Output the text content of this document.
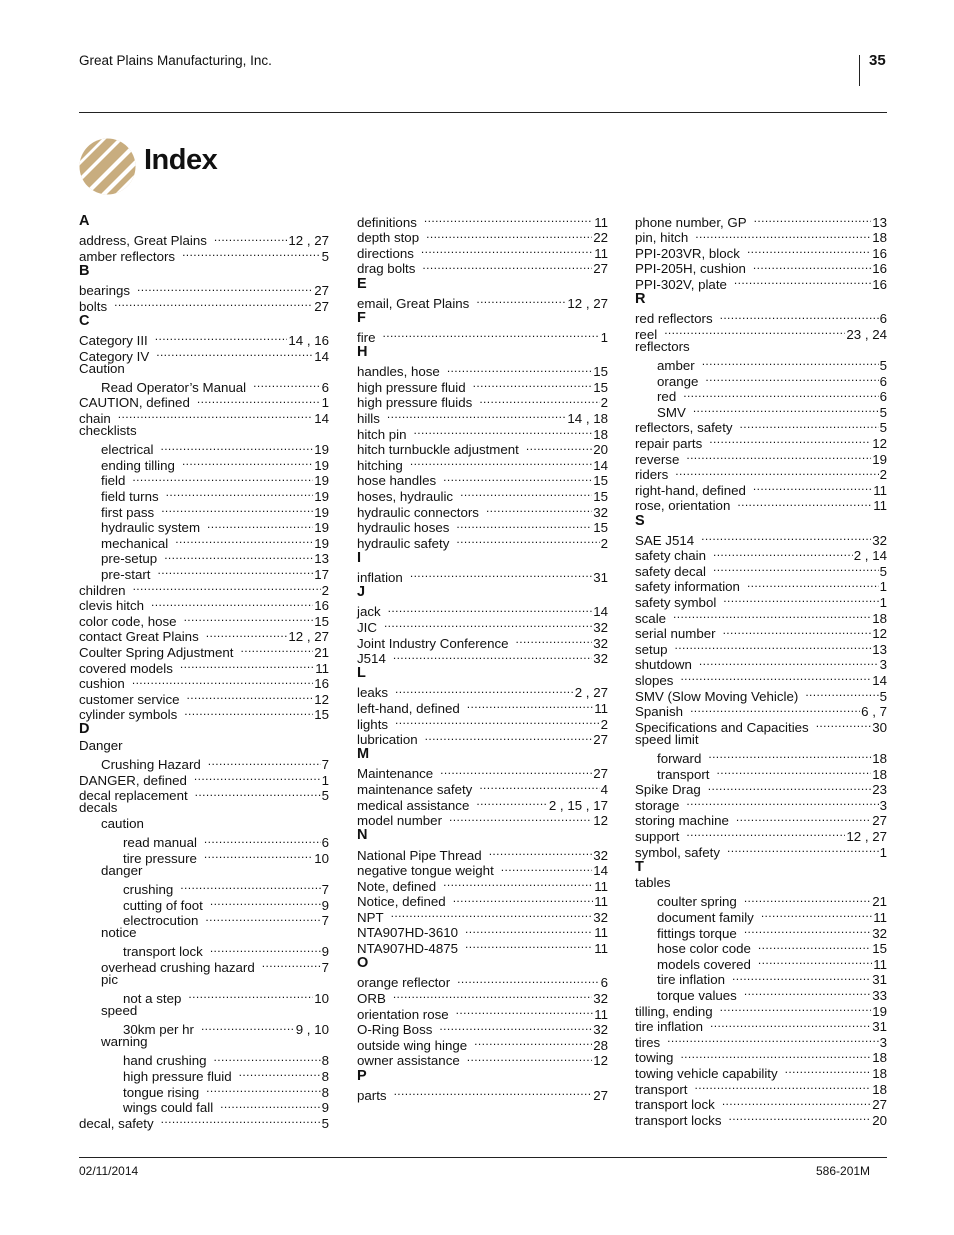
Great Plains Manufacturing, Inc.	35
Index
A
address, Great Plains .....	12 , 27
amber reflectors .....	5
B
bearings .....	27
bolts .....	27
C
Category III .....	14 , 16
Category IV .....	14
Caution
Read Operator’s Manual .....	6
CAUTION, defined .....	1
chain .....	14
checklists
electrical .....	19
ending tilling .....	19
field .....	19
field turns .....	19
first pass .....	19
hydraulic system .....	19
mechanical .....	19
pre-setup .....	13
pre-start .....	17
children .....	2
clevis hitch .....	16
color code, hose .....	15
contact Great Plains .....	12 , 27
Coulter Spring Adjustment .....	21
covered models .....	11
cushion .....	16
customer service .....	12
cylinder symbols .....	15
D
Danger
Crushing Hazard .....	7
DANGER, defined .....	1
decal replacement .....	5
decals
caution
read manual .....	6
tire pressure .....	10
danger
crushing .....	7
cutting of foot .....	9
electrocution .....	7
notice
transport lock .....	9
overhead crushing hazard .....	7
pic
not a step .....	10
speed
30km per hr .....	9 , 10
warning
hand crushing .....	8
high pressure fluid .....	8
tongue rising .....	8
wings could fall .....	9
decal, safety .....	5
definitions .....	11
depth stop .....	22
directions .....	11
drag bolts .....	27
E
email, Great Plains .....	12 , 27
F
fire .....	1
H
handles, hose .....	15
high pressure fluid .....	15
high pressure fluids .....	2
hills .....	14 , 18
hitch pin .....	18
hitch turnbuckle adjustment .....	20
hitching .....	14
hose handles .....	15
hoses, hydraulic .....	15
hydraulic connectors .....	32
hydraulic hoses .....	15
hydraulic safety .....	2
I
inflation .....	31
J
jack .....	14
JIC .....	32
Joint Industry Conference .....	32
J514 .....	32
L
leaks .....	2 , 27
left-hand, defined .....	11
lights .....	2
lubrication .....	27
M
Maintenance .....	27
maintenance safety .....	4
medical assistance .....	2 , 15 , 17
model number .....	12
N
National Pipe Thread .....	32
negative tongue weight .....	14
Note, defined .....	11
Notice, defined .....	11
NPT .....	32
NTA907HD-3610 .....	11
NTA907HD-4875 .....	11
O
orange reflector .....	6
ORB .....	32
orientation rose .....	11
O-Ring Boss .....	32
outside wing hinge .....	28
owner assistance .....	12
P
parts .....	27
phone number, GP .....	13
pin, hitch .....	18
PPI-203VR, block .....	16
PPI-205H, cushion .....	16
PPI-302V, plate .....	16
R
red reflectors .....	6
reel .....	23 , 24
reflectors
amber .....	5
orange .....	6
red .....	6
SMV .....	5
reflectors, safety .....	5
repair parts .....	12
reverse .....	19
riders .....	2
right-hand, defined .....	11
rose, orientation .....	11
S
SAE J514 .....	32
safety chain .....	2 , 14
safety decal .....	5
safety information .....	1
safety symbol .....	1
scale .....	18
serial number .....	12
setup .....	13
shutdown .....	3
slopes .....	14
SMV (Slow Moving Vehicle) .....	5
Spanish .....	6 , 7
Specifications and Capacities .....	30
speed limit
forward .....	18
transport .....	18
Spike Drag .....	23
storage .....	3
storing machine .....	27
support .....	12 , 27
symbol, safety .....	1
T
tables
coulter spring .....	21
document family .....	11
fittings torque .....	32
hose color code .....	15
models covered .....	11
tire inflation .....	31
torque values .....	33
tilling, ending .....	19
tire inflation .....	31
tires .....	3
towing .....	18
towing vehicle capability .....	18
transport .....	18
transport lock .....	27
transport locks .....	20
02/11/2014	586-201M
